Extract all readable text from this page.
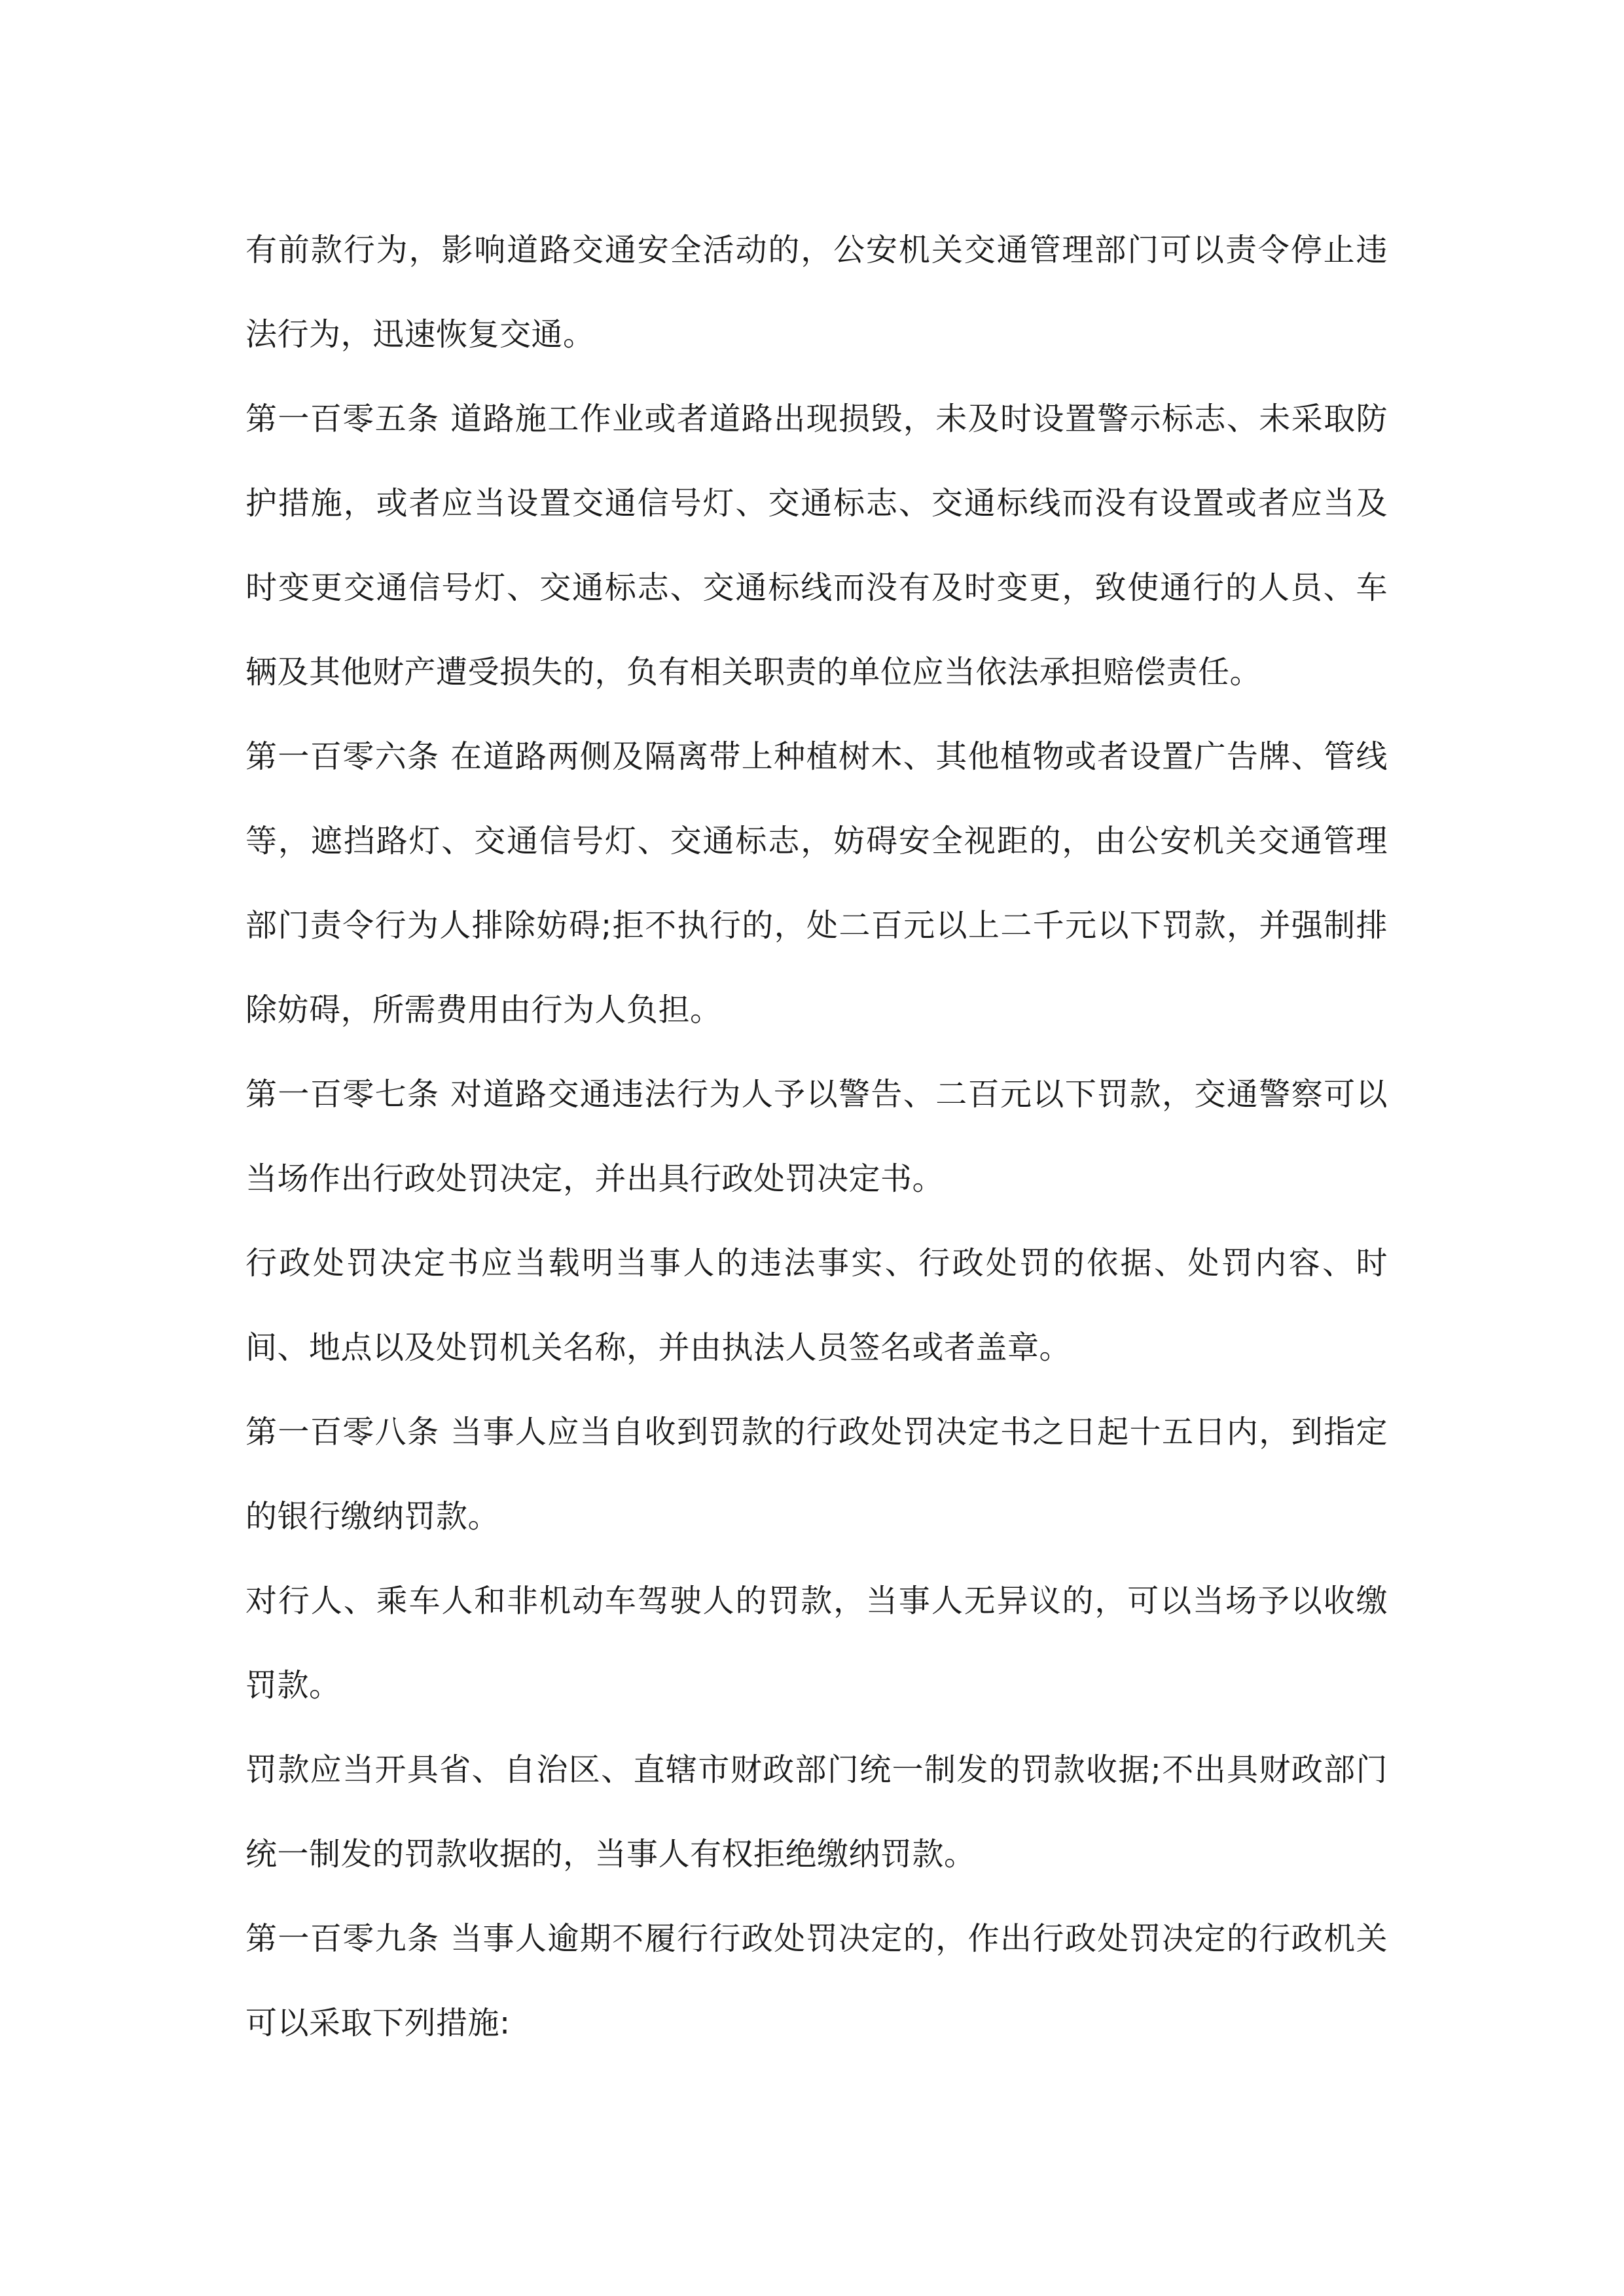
有前款行为，影响道路交通安全活动的，公安机关交通管理部门可以责令停止违法行为，迅速恢复交通。

第一百零五条 道路施工作业或者道路出现损毁，未及时设置警示标志、未采取防护措施，或者应当设置交通信号灯、交通标志、交通标线而没有设置或者应当及时变更交通信号灯、交通标志、交通标线而没有及时变更，致使通行的人员、车辆及其他财产遭受损失的，负有相关职责的单位应当依法承担赔偿责任。

第一百零六条 在道路两侧及隔离带上种植树木、其他植物或者设置广告牌、管线等，遮挡路灯、交通信号灯、交通标志，妨碍安全视距的，由公安机关交通管理部门责令行为人排除妨碍;拒不执行的，处二百元以上二千元以下罚款，并强制排除妨碍，所需费用由行为人负担。

第一百零七条 对道路交通违法行为人予以警告、二百元以下罚款，交通警察可以当场作出行政处罚决定，并出具行政处罚决定书。

行政处罚决定书应当载明当事人的违法事实、行政处罚的依据、处罚内容、时间、地点以及处罚机关名称，并由执法人员签名或者盖章。

第一百零八条 当事人应当自收到罚款的行政处罚决定书之日起十五日内，到指定的银行缴纳罚款。

对行人、乘车人和非机动车驾驶人的罚款，当事人无异议的，可以当场予以收缴罚款。

罚款应当开具省、自治区、直辖市财政部门统一制发的罚款收据;不出具财政部门统一制发的罚款收据的，当事人有权拒绝缴纳罚款。

第一百零九条 当事人逾期不履行行政处罚决定的，作出行政处罚决定的行政机关可以采取下列措施:
